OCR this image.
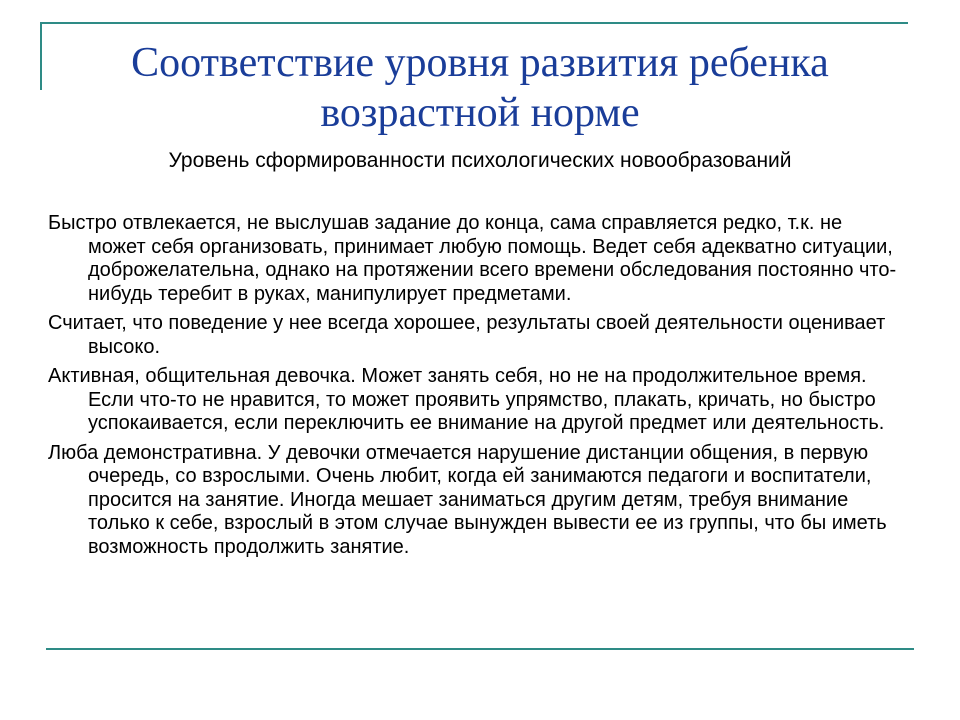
Соответствие уровня развития ребенка возрастной норме
Уровень сформированности психологических новообразований

Быстро отвлекается, не выслушав задание до конца, сама справляется редко, т.к. не может себя организовать, принимает любую помощь. Ведет себя адекватно ситуации, доброжелательна, однако на протяжении всего времени обследования постоянно что-нибудь теребит в руках, манипулирует предметами.

Считает, что поведение у нее всегда хорошее, результаты своей деятельности оценивает высоко.

Активная, общительная девочка. Может занять себя, но не на продолжительное время. Если что-то не нравится, то может проявить упрямство, плакать, кричать, но быстро успокаивается, если переключить ее внимание на другой предмет или деятельность.

Люба демонстративна. У девочки отмечается нарушение дистанции общения, в первую очередь, со взрослыми. Очень любит, когда ей занимаются педагоги и воспитатели, просится на занятие. Иногда мешает заниматься другим детям, требуя внимание только к себе, взрослый в этом случае вынужден вывести ее из группы, что бы иметь возможность продолжить занятие.
